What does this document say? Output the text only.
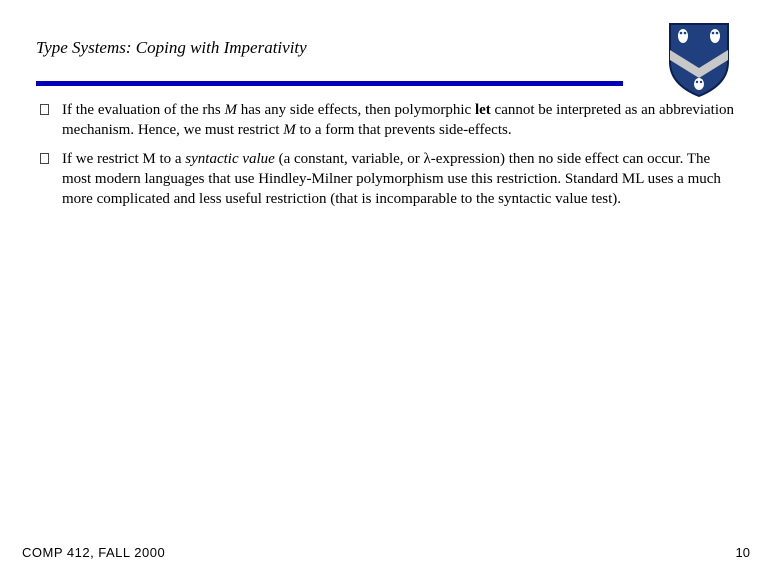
Type Systems: Coping with Imperativity
If the evaluation of the rhs M has any side effects, then polymorphic let cannot be interpreted as an abbreviation mechanism. Hence, we must restrict M to a form that prevents side-effects.
If we restrict M to a syntactic value (a constant, variable, or λ-expression) then no side effect can occur. The most modern languages that use Hindley-Milner polymorphism use this restriction. Standard ML uses a much more complicated and less useful restriction (that is incomparable to the syntactic value test).
COMP 412, FALL 2000	10
